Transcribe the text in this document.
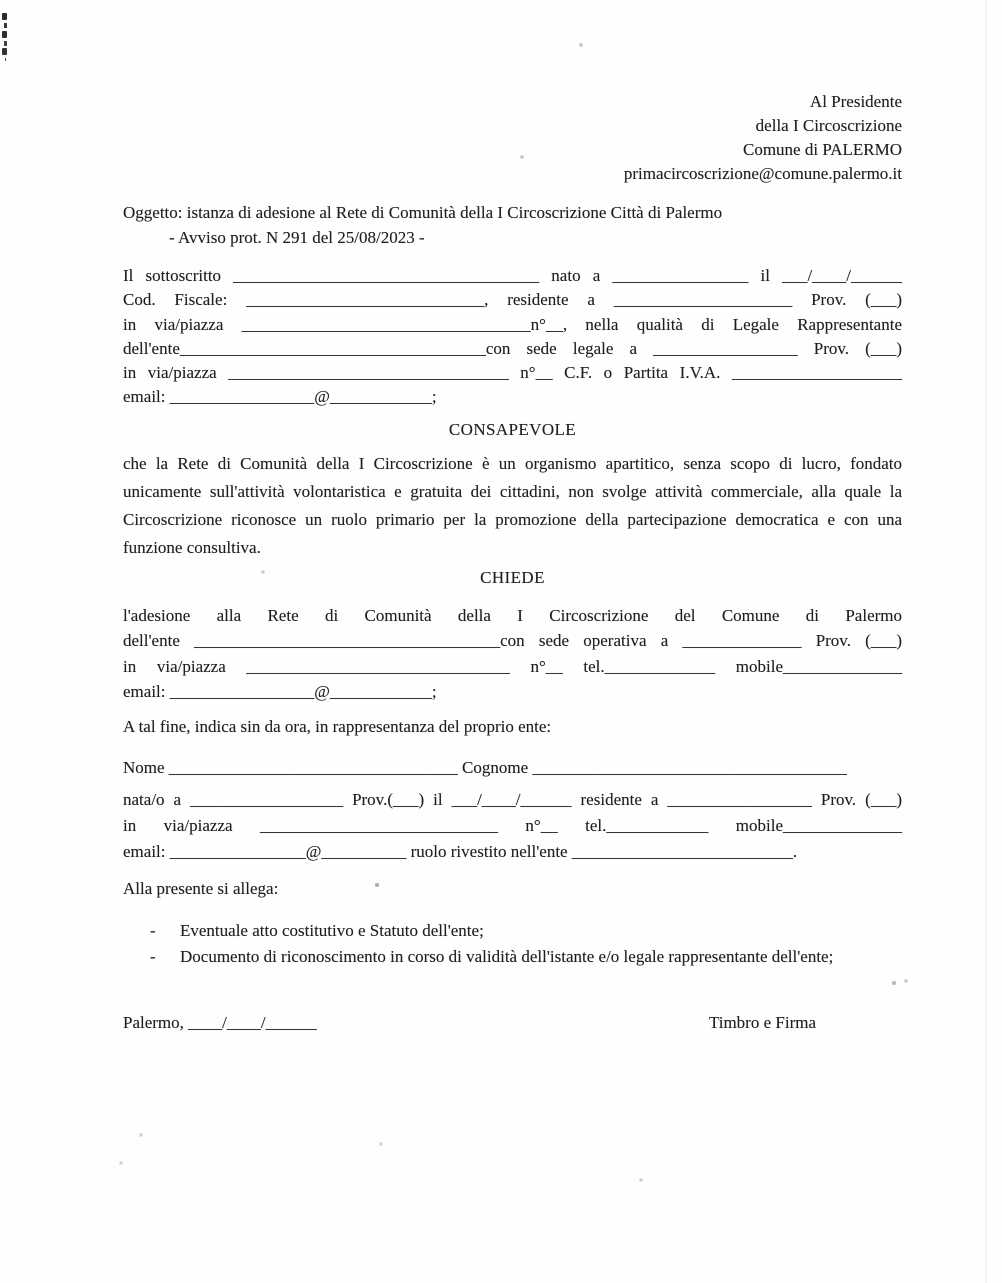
Al Presidente
della I Circoscrizione
Comune di PALERMO
primacircoscrizione@comune.palermo.it
Oggetto: istanza di adesione al Rete di Comunità della I Circoscrizione Città di Palermo
- Avviso prot. N 291 del 25/08/2023 -
Il sottoscritto ____________________________________ nato a ________________ il ___/____/______
Cod. Fiscale: ____________________________, residente a _____________________ Prov. (___)
in via/piazza __________________________________n°__, nella qualità di Legale Rappresentante
dell'ente____________________________________con sede legale a _________________ Prov. (___)
in via/piazza _________________________________ n°__ C.F. o Partita I.V.A. ____________________
email: _________________@____________;
CONSAPEVOLE

che la Rete di Comunità della I Circoscrizione è un organismo apartitico, senza scopo di lucro, fondato unicamente sull'attività volontaristica e gratuita dei cittadini, non svolge attività commerciale, alla quale la Circoscrizione riconosce un ruolo primario per la promozione della partecipazione democratica e con una funzione consultiva.

CHIEDE
l'adesione alla Rete di Comunità della I Circoscrizione del Comune di Palermo
dell'ente ____________________________________con sede operativa a ______________ Prov. (___)
in via/piazza _______________________________ n°__ tel._____________ mobile______________
email: _________________@____________;
A tal fine, indica sin da ora, in rappresentanza del proprio ente:
Nome __________________________________ Cognome _____________________________________
nata/o a __________________ Prov.(___) il ___/____/______ residente a _________________ Prov. (___)
in via/piazza ____________________________ n°__ tel.____________ mobile______________
email: ________________@__________ ruolo rivestito nell'ente __________________________.
Alla presente si allega:
-	Eventuale atto costitutivo e Statuto dell'ente;
-	Documento di riconoscimento in corso di validità dell'istante e/o legale rappresentante dell'ente;
Palermo, ____/____/______	Timbro e Firma
